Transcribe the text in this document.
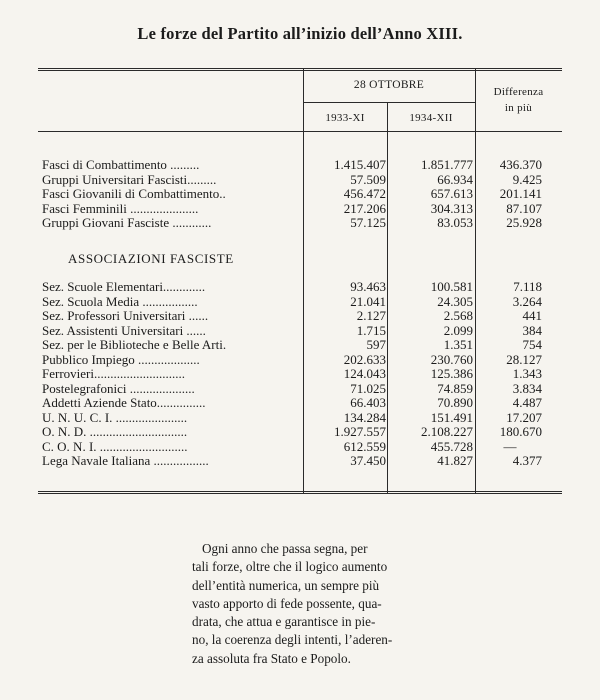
Le forze del Partito all’inizio dell’Anno XIII.
28 OTTOBRE
1933-XI	1934-XII
Differenza
in più
Fasci di Combattimento .........	1.415.407	1.851.777	436.370
Gruppi Universitari Fascisti.........	57.509	66.934	9.425
Fasci Giovanili di Combattimento..	456.472	657.613	201.141
Fasci Femminili .....................	217.206	304.313	87.107
Gruppi Giovani Fasciste ............	57.125	83.053	25.928
ASSOCIAZIONI FASCISTE
Sez. Scuole Elementari.............	93.463	100.581	7.118
Sez. Scuola Media .................	21.041	24.305	3.264
Sez. Professori Universitari ......	2.127	2.568	441
Sez. Assistenti Universitari ......	1.715	2.099	384
Sez. per le Biblioteche e Belle Arti.	597	1.351	754
Pubblico Impiego ...................	202.633	230.760	28.127
Ferrovieri............................	124.043	125.386	1.343
Postelegrafonici ....................	71.025	74.859	3.834
Addetti Aziende Stato...............	66.403	70.890	4.487
U. N. U. C. I. ......................	134.284	151.491	17.207
O. N. D. ..............................	1.927.557	2.108.227	180.670
C. O. N. I. ...........................	612.559	455.728	—
Lega Navale Italiana .................	37.450	41.827	4.377
Ogni anno che passa segna, per
tali forze, oltre che il logico aumento
dell’entità numerica, un sempre più
vasto apporto di fede possente, qua-
drata, che attua e garantisce in pie-
no, la coerenza degli intenti, l’aderen-
za assoluta fra Stato e Popolo.
